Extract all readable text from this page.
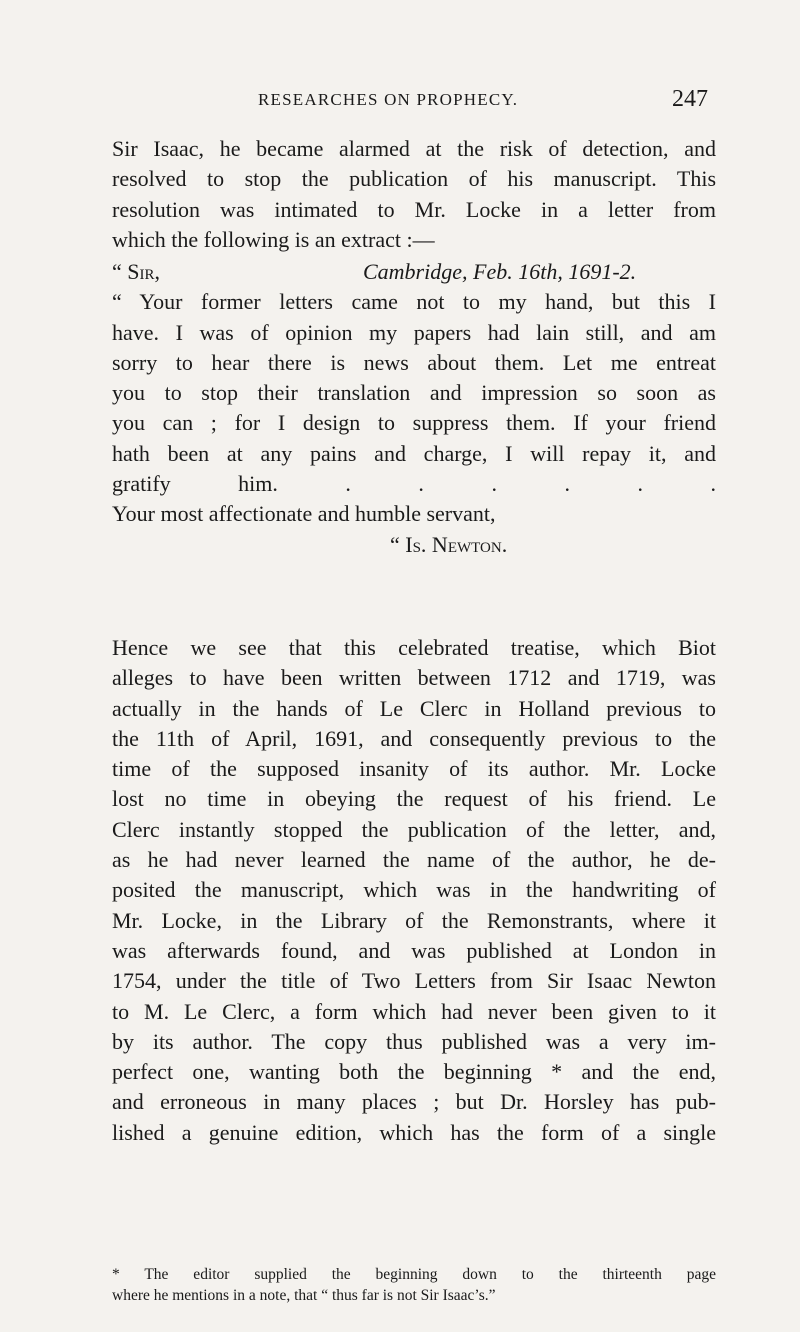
RESEARCHES ON PROPHECY.	247

Sir Isaac, he became alarmed at the risk of detection, and
resolved to stop the publication of his manuscript. This
resolution was intimated to Mr. Locke in a letter from
which the following is an extract :—

“ Sir,	Cambridge, Feb. 16th, 1691-2.

“ Your former letters came not to my hand, but this I
have. I was of opinion my papers had lain still, and am
sorry to hear there is news about them. Let me entreat
you to stop their translation and impression so soon as
you can ; for I design to suppress them. If your friend
hath been at any pains and charge, I will repay it, and
gratify him. . . . . . .
Your most affectionate and humble servant,
“ Is. Newton.

Hence we see that this celebrated treatise, which Biot
alleges to have been written between 1712 and 1719, was
actually in the hands of Le Clerc in Holland previous to
the 11th of April, 1691, and consequently previous to the
time of the supposed insanity of its author. Mr. Locke
lost no time in obeying the request of his friend. Le
Clerc instantly stopped the publication of the letter, and,
as he had never learned the name of the author, he de-
posited the manuscript, which was in the handwriting of
Mr. Locke, in the Library of the Remonstrants, where it
was afterwards found, and was published at London in
1754, under the title of Two Letters from Sir Isaac Newton
to M. Le Clerc, a form which had never been given to it
by its author. The copy thus published was a very im-
perfect one, wanting both the beginning * and the end,
and erroneous in many places ; but Dr. Horsley has pub-
lished a genuine edition, which has the form of a single

* The editor supplied the beginning down to the thirteenth page
where he mentions in a note, that “ thus far is not Sir Isaac’s.”
